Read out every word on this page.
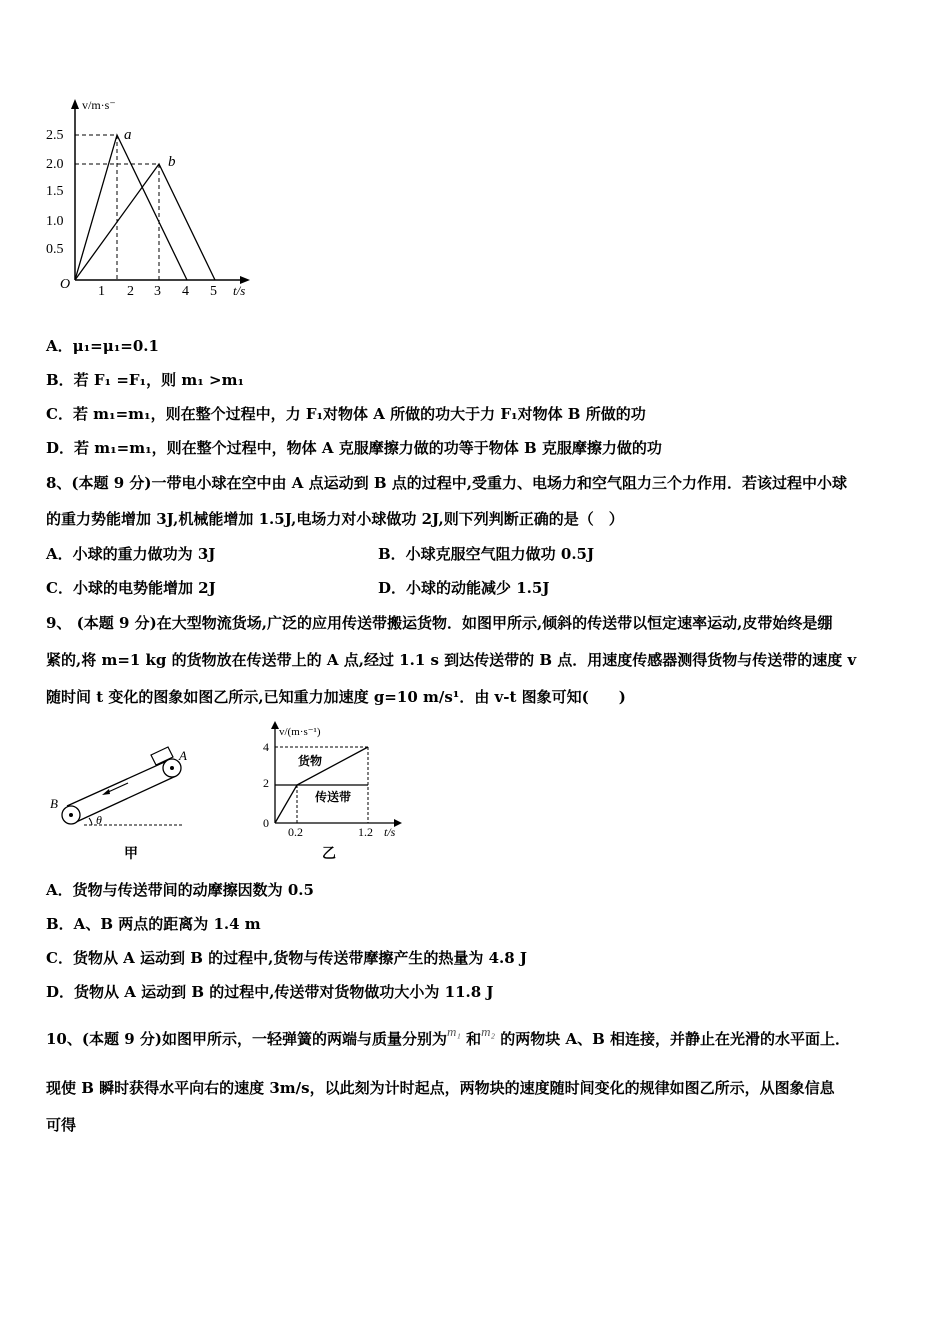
v/m·s⁻
t/s
O
2.5
2.0
1.5
1.0
0.5
1 2 3 4 5
a
b
A．μ₁=μ₁=0.1
B．若 F₁ =F₁，则 m₁ >m₁
C．若 m₁=m₁，则在整个过程中，力 F₁对物体 A 所做的功大于力 F₁对物体 B 所做的功
D．若 m₁=m₁，则在整个过程中，物体 A 克服摩擦力做的功等于物体 B 克服摩擦力做的功
8、(本题 9 分)一带电小球在空中由 A 点运动到 B 点的过程中,受重力、电场力和空气阻力三个力作用．若该过程中小球
的重力势能增加 3J,机械能增加 1.5J,电场力对小球做功 2J,则下列判断正确的是（　）
A．小球的重力做功为 3J	B．小球克服空气阻力做功 0.5J
C．小球的电势能增加 2J	D．小球的动能减少 1.5J
9、 (本题 9 分)在大型物流货场,广泛的应用传送带搬运货物．如图甲所示,倾斜的传送带以恒定速率运动,皮带始终是绷
紧的,将 m=1 kg 的货物放在传送带上的 A 点,经过 1.1 s 到达传送带的 B 点．用速度传感器测得货物与传送带的速度 v
随时间 t 变化的图象如图乙所示,已知重力加速度 g=10 m/s¹．由 v-t 图象可知(　　)
θ
A
B
甲
v/(m·s⁻¹)
4
2
0
0.2	1.2 t/s
货物
传送带
乙
A．货物与传送带间的动摩擦因数为 0.5
B．A、B 两点的距离为 1.4 m
C．货物从 A 运动到 B 的过程中,货物与传送带摩擦产生的热量为 4.8 J
D．货物从 A 运动到 B 的过程中,传送带对货物做功大小为 11.8 J
10、(本题 9 分)如图甲所示，一轻弹簧的两端与质量分别为m₁ 和m₂ 的两物块 A、B 相连接，并静止在光滑的水平面上．
现使 B 瞬时获得水平向右的速度 3m/s，以此刻为计时起点，两物块的速度随时间变化的规律如图乙所示，从图象信息
可得
